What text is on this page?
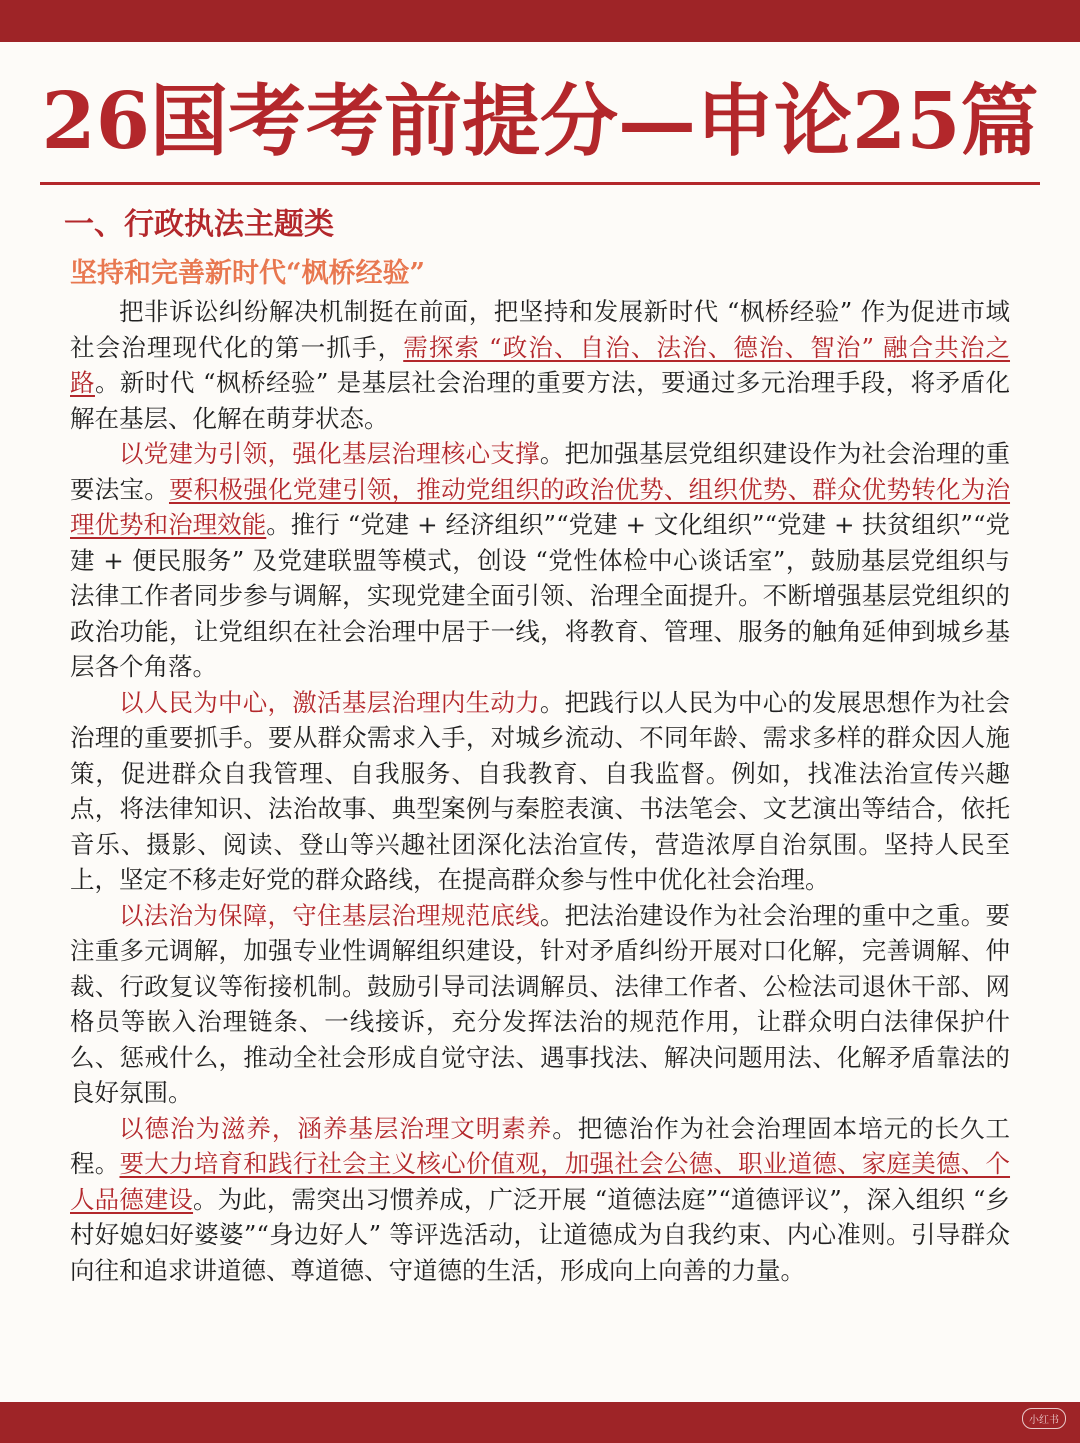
26国考考前提分—申论25篇
一、行政执法主题类
坚持和完善新时代“枫桥经验”

把非诉讼纠纷解决机制挺在前面，把坚持和发展新时代 “枫桥经验” 作为促进市域社会治理现代化的第一抓手，需探索 “政治、自治、法治、德治、智治” 融合共治之路。新时代 “枫桥经验” 是基层社会治理的重要方法，要通过多元治理手段，将矛盾化解在基层、化解在萌芽状态。

以党建为引领，强化基层治理核心支撑。把加强基层党组织建设作为社会治理的重要法宝。要积极强化党建引领，推动党组织的政治优势、组织优势、群众优势转化为治理优势和治理效能。推行 “党建 + 经济组织”“党建 + 文化组织”“党建 + 扶贫组织”“党建 + 便民服务” 及党建联盟等模式，创设 “党性体检中心谈话室”，鼓励基层党组织与法律工作者同步参与调解，实现党建全面引领、治理全面提升。不断增强基层党组织的政治功能，让党组织在社会治理中居于一线，将教育、管理、服务的触角延伸到城乡基层各个角落。

以人民为中心，激活基层治理内生动力。把践行以人民为中心的发展思想作为社会治理的重要抓手。要从群众需求入手，对城乡流动、不同年龄、需求多样的群众因人施策，促进群众自我管理、自我服务、自我教育、自我监督。例如，找准法治宣传兴趣点，将法律知识、法治故事、典型案例与秦腔表演、书法笔会、文艺演出等结合，依托音乐、摄影、阅读、登山等兴趣社团深化法治宣传，营造浓厚自治氛围。坚持人民至上，坚定不移走好党的群众路线，在提高群众参与性中优化社会治理。

以法治为保障，守住基层治理规范底线。把法治建设作为社会治理的重中之重。要注重多元调解，加强专业性调解组织建设，针对矛盾纠纷开展对口化解，完善调解、仲裁、行政复议等衔接机制。鼓励引导司法调解员、法律工作者、公检法司退休干部、网格员等嵌入治理链条、一线接诉，充分发挥法治的规范作用，让群众明白法律保护什么、惩戒什么，推动全社会形成自觉守法、遇事找法、解决问题用法、化解矛盾靠法的良好氛围。

以德治为滋养，涵养基层治理文明素养。把德治作为社会治理固本培元的长久工程。要大力培育和践行社会主义核心价值观，加强社会公德、职业道德、家庭美德、个人品德建设。为此，需突出习惯养成，广泛开展 “道德法庭”“道德评议”，深入组织 “乡村好媳妇好婆婆”“身边好人” 等评选活动，让道德成为自我约束、内心准则。引导群众向往和追求讲道德、尊道德、守道德的生活，形成向上向善的力量。

小红书
